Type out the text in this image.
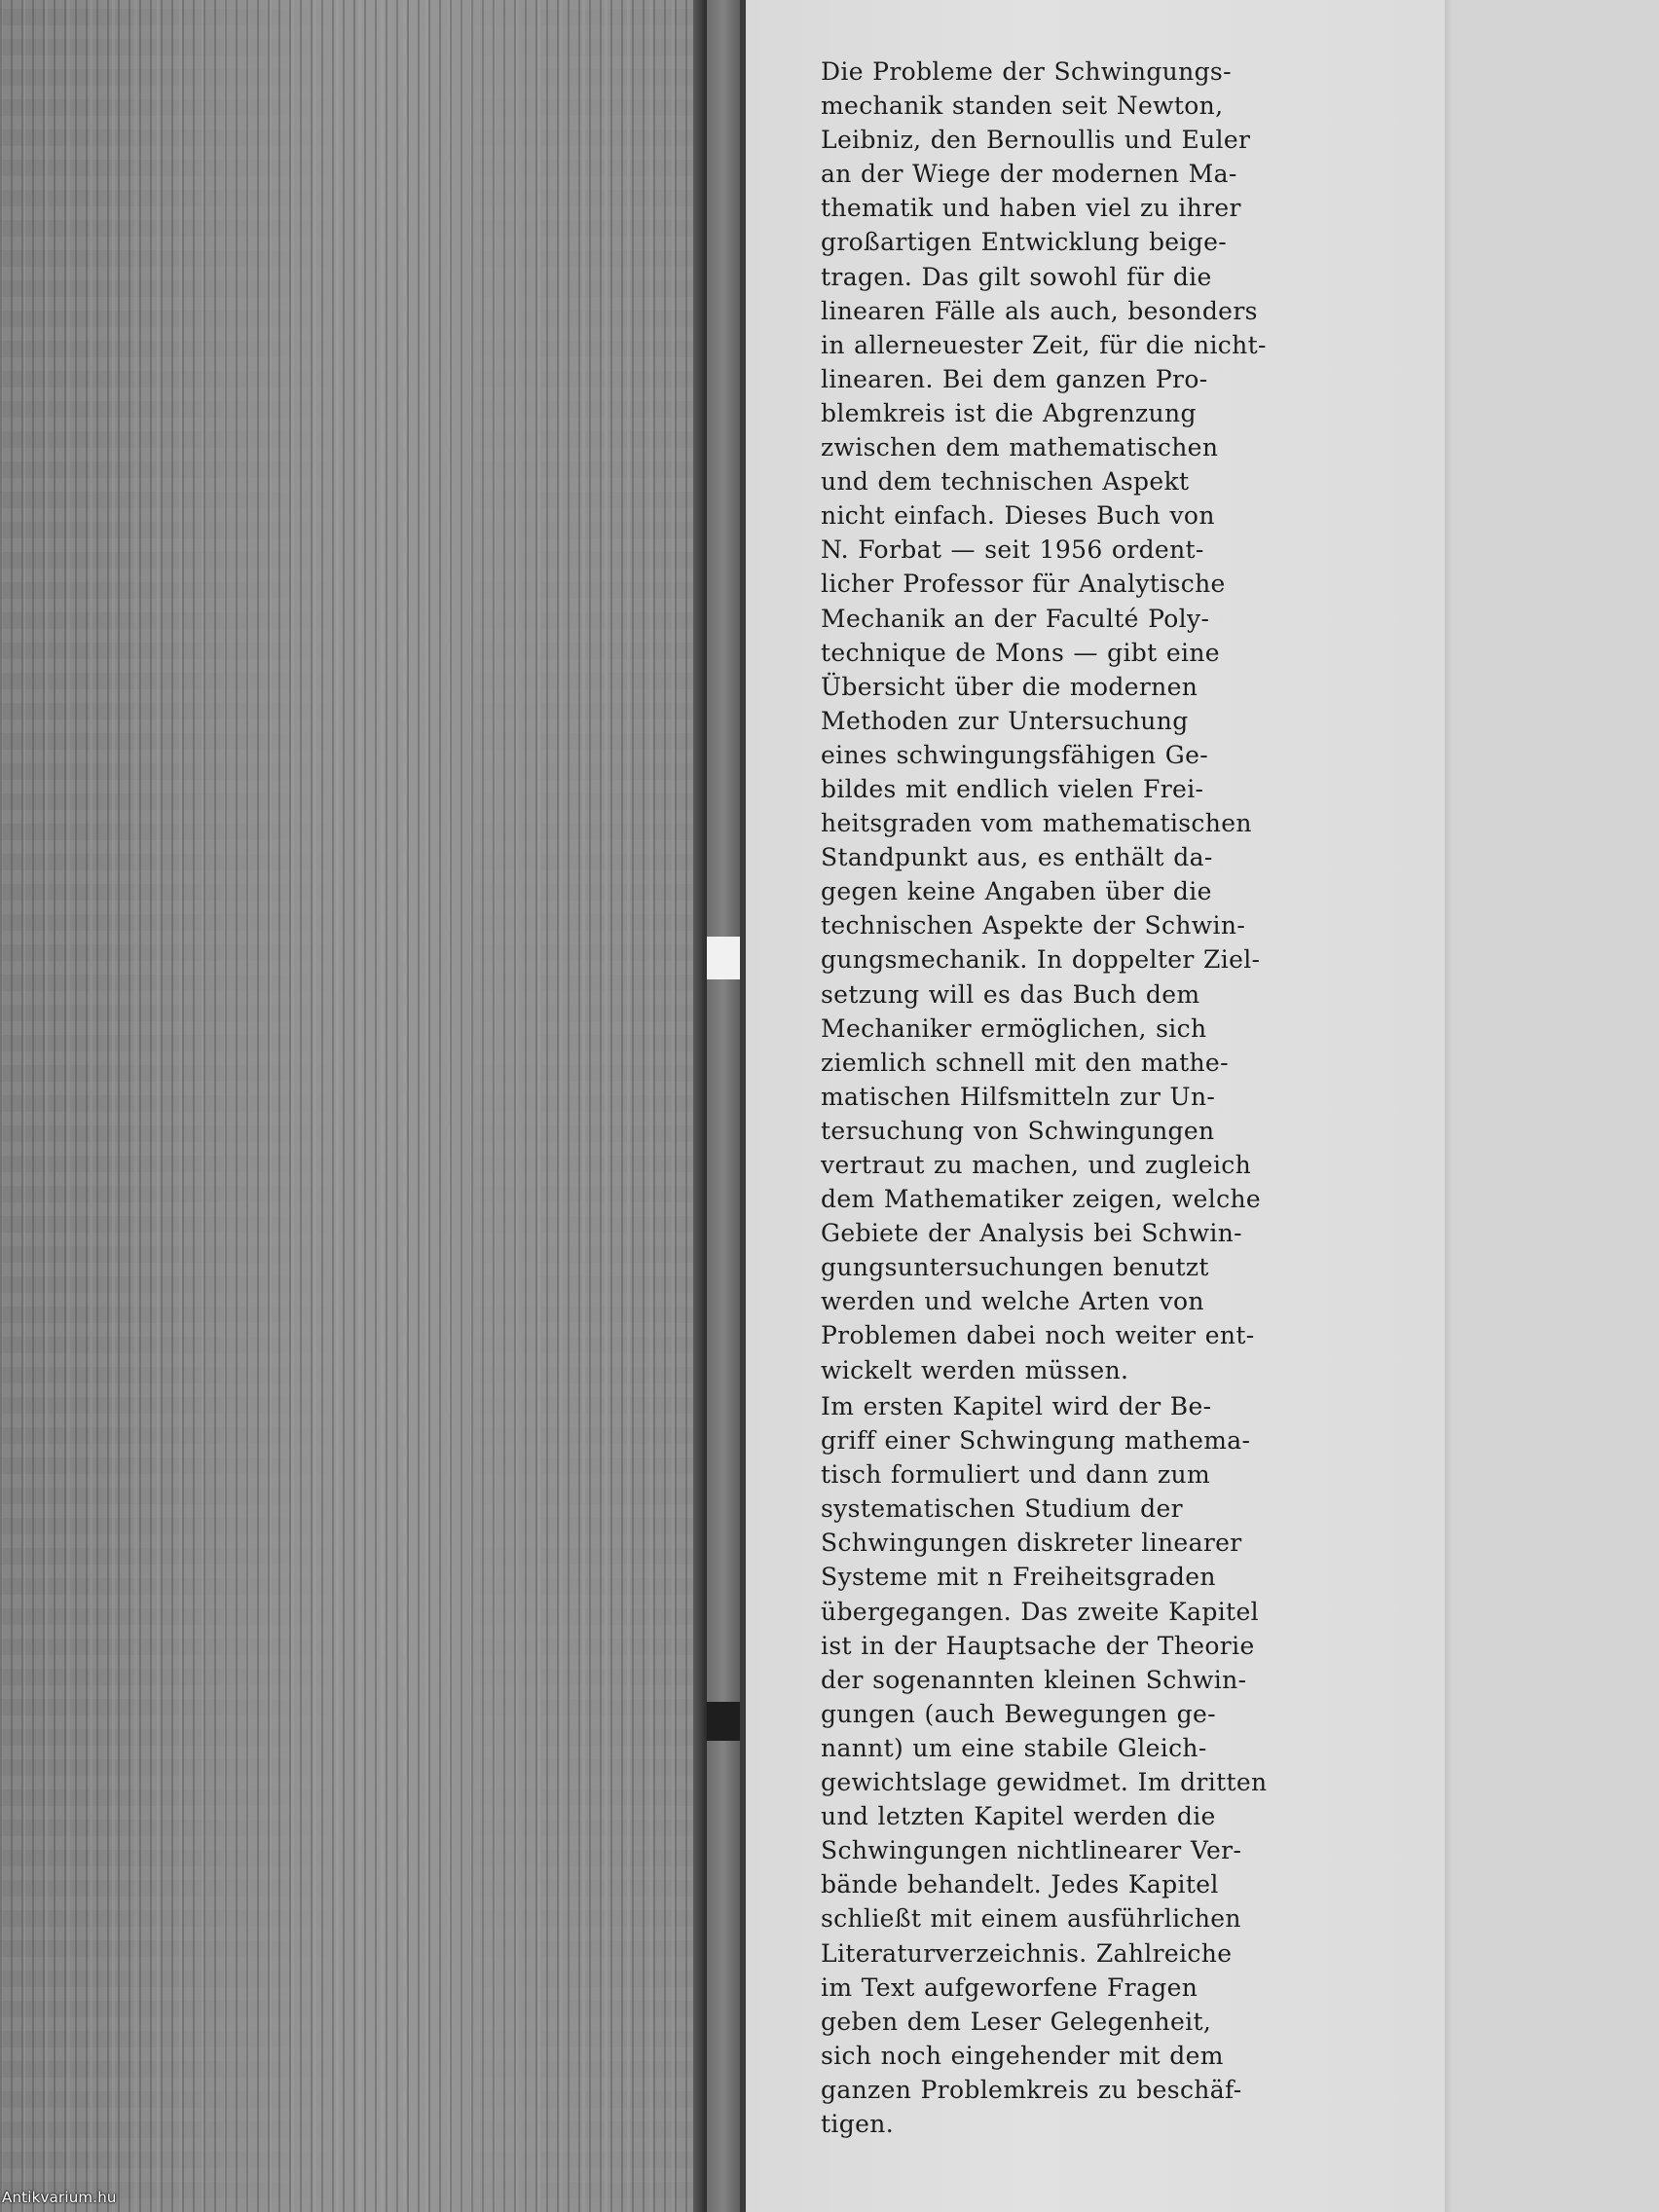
Die Probleme der Schwingungs-
mechanik standen seit Newton,
Leibniz, den Bernoullis und Euler
an der Wiege der modernen Ma-
thematik und haben viel zu ihrer
großartigen Entwicklung beige-
tragen. Das gilt sowohl für die
linearen Fälle als auch, besonders
in allerneuester Zeit, für die nicht-
linearen. Bei dem ganzen Pro-
blemkreis ist die Abgrenzung
zwischen dem mathematischen
und dem technischen Aspekt
nicht einfach. Dieses Buch von
N. Forbat — seit 1956 ordent-
licher Professor für Analytische
Mechanik an der Faculté Poly-
technique de Mons — gibt eine
Übersicht über die modernen
Methoden zur Untersuchung
eines schwingungsfähigen Ge-
bildes mit endlich vielen Frei-
heitsgraden vom mathematischen
Standpunkt aus, es enthält da-
gegen keine Angaben über die
technischen Aspekte der Schwin-
gungsmechanik. In doppelter Ziel-
setzung will es das Buch dem
Mechaniker ermöglichen, sich
ziemlich schnell mit den mathe-
matischen Hilfsmitteln zur Un-
tersuchung von Schwingungen
vertraut zu machen, und zugleich
dem Mathematiker zeigen, welche
Gebiete der Analysis bei Schwin-
gungsuntersuchungen benutzt
werden und welche Arten von
Problemen dabei noch weiter ent-
wickelt werden müssen.

Im ersten Kapitel wird der Be-
griff einer Schwingung mathema-
tisch formuliert und dann zum
systematischen Studium der
Schwingungen diskreter linearer
Systeme mit n Freiheitsgraden
übergegangen. Das zweite Kapitel
ist in der Hauptsache der Theorie
der sogenannten kleinen Schwin-
gungen (auch Bewegungen ge-
nannt) um eine stabile Gleich-
gewichtslage gewidmet. Im dritten
und letzten Kapitel werden die
Schwingungen nichtlinearer Ver-
bände behandelt. Jedes Kapitel
schließt mit einem ausführlichen
Literaturverzeichnis. Zahlreiche
im Text aufgeworfene Fragen
geben dem Leser Gelegenheit,
sich noch eingehender mit dem
ganzen Problemkreis zu beschäf-
tigen.

Antikvarium.hu
